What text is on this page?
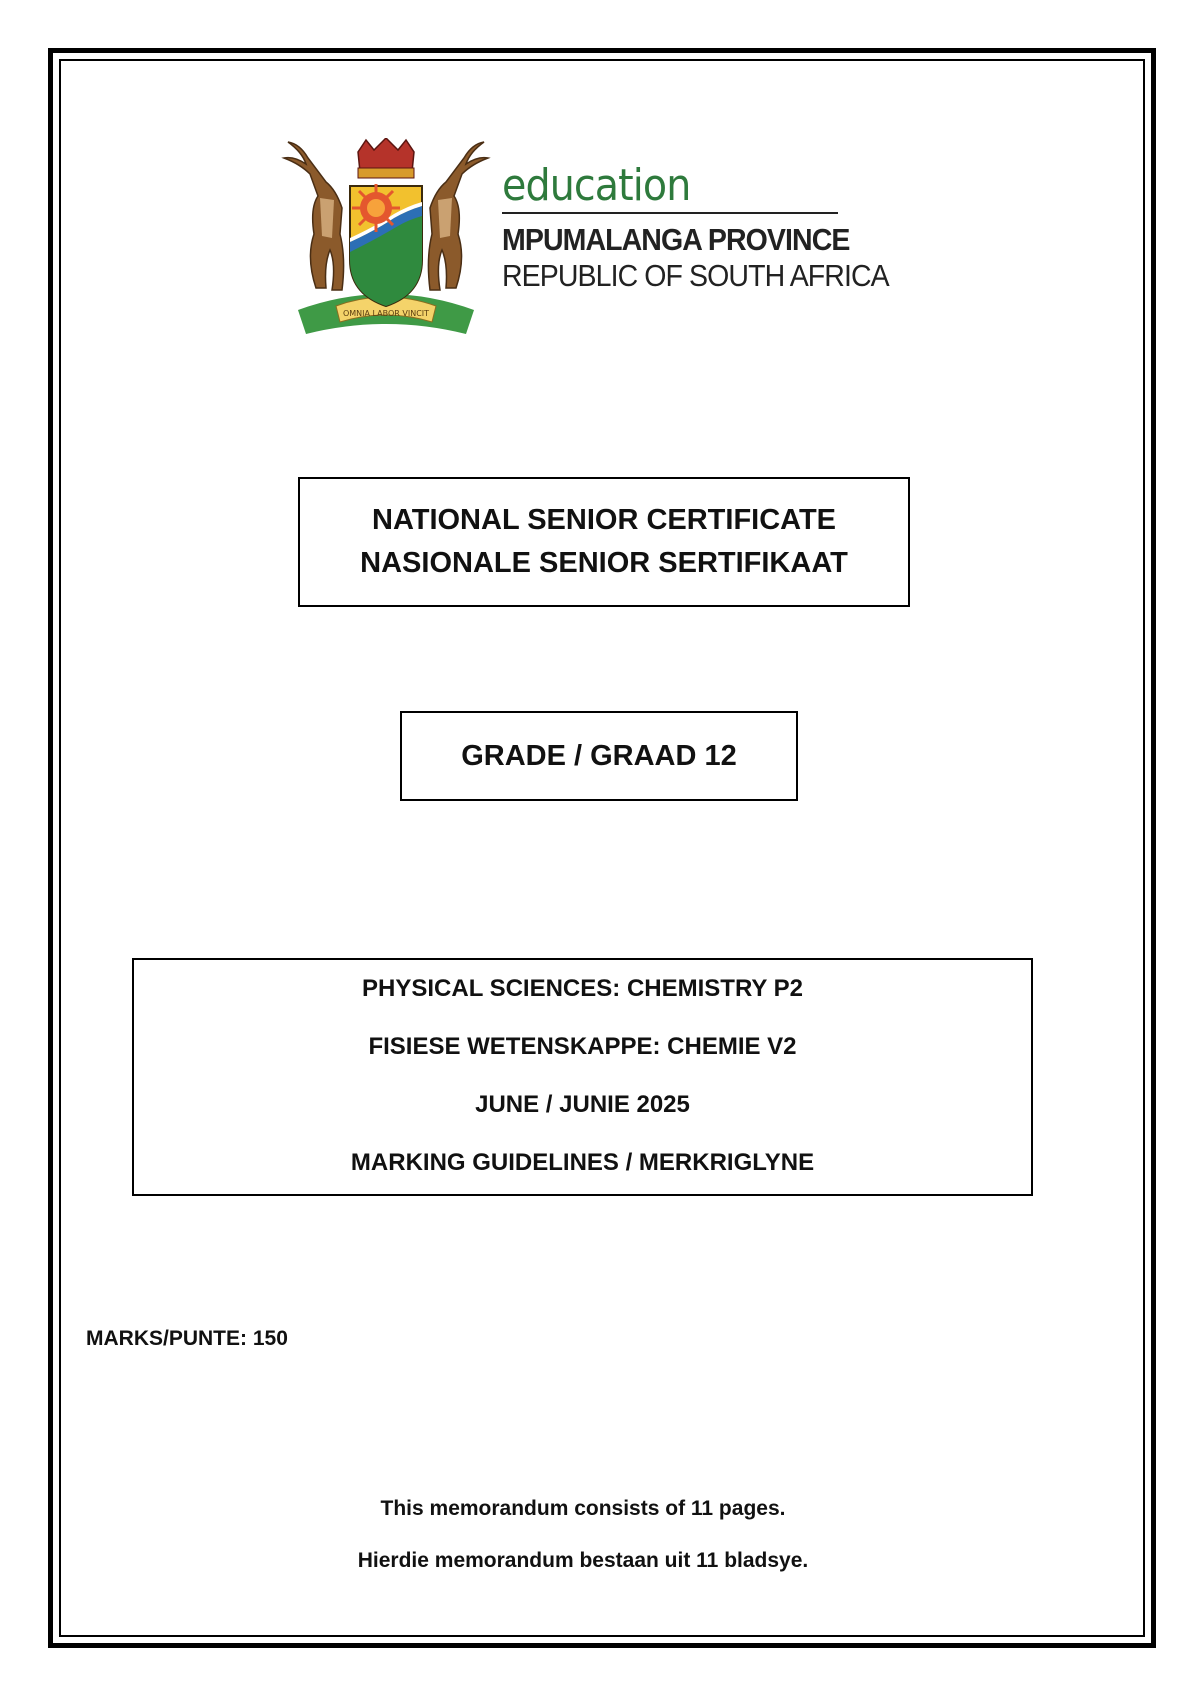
OMNIA LABOR VINCIT
education
MPUMALANGA PROVINCE
REPUBLIC OF SOUTH AFRICA
NATIONAL SENIOR CERTIFICATE
NASIONALE SENIOR SERTIFIKAAT
GRADE / GRAAD 12
PHYSICAL SCIENCES: CHEMISTRY P2
FISIESE WETENSKAPPE: CHEMIE V2
JUNE / JUNIE 2025
MARKING GUIDELINES / MERKRIGLYNE
MARKS/PUNTE: 150
This memorandum consists of 11 pages.
Hierdie memorandum bestaan uit 11 bladsye.
